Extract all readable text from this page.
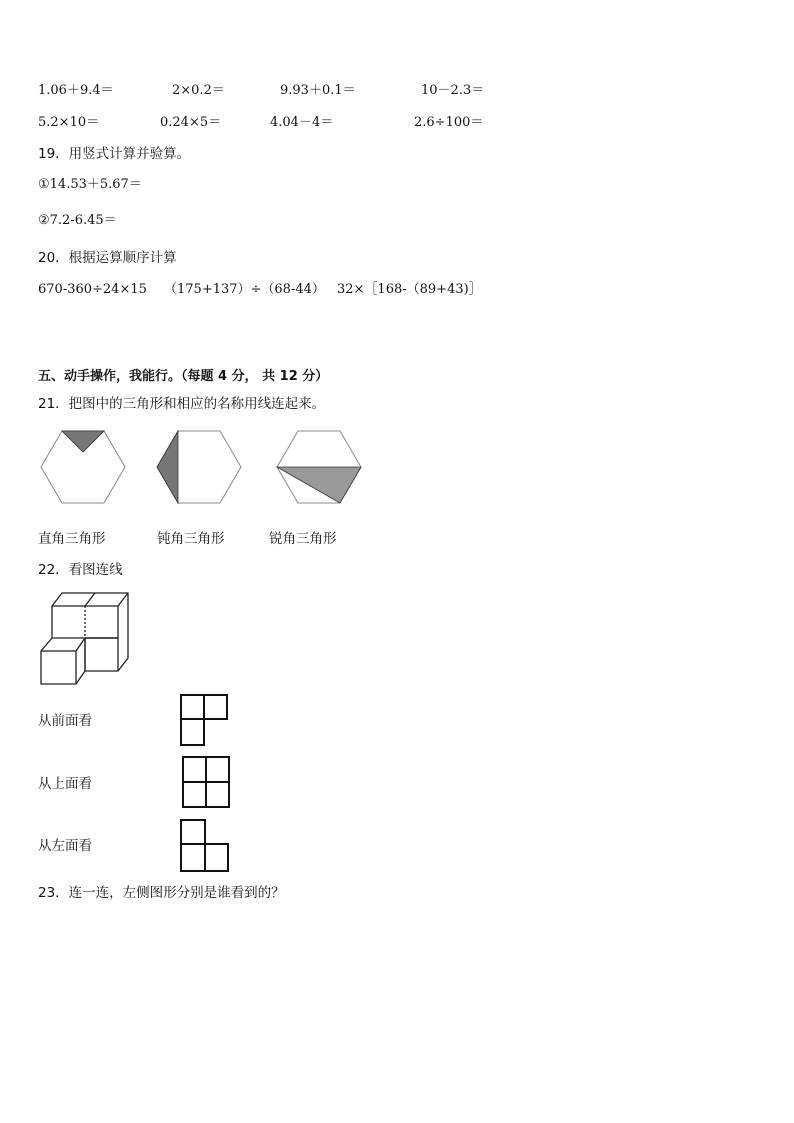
1.06＋9.4＝	2×0.2＝	9.93＋0.1＝	10－2.3＝
5.2×10＝	0.24×5＝	4.04－4＝	2.6÷100＝
19．用竖式计算并验算。
①14.53＋5.67＝
②7.2-6.45＝
20．根据运算顺序计算
670-360÷24×15 （175+137）÷（68-44） 32×［168-（89+43)］
五、动手操作，我能行。（每题 4 分， 共 12 分）
21．把图中的三角形和相应的名称用线连起来。
直角三角形	钝角三角形	锐角三角形
22．看图连线
从前面看
从上面看
从左面看
23．连一连，左侧图形分别是谁看到的？
